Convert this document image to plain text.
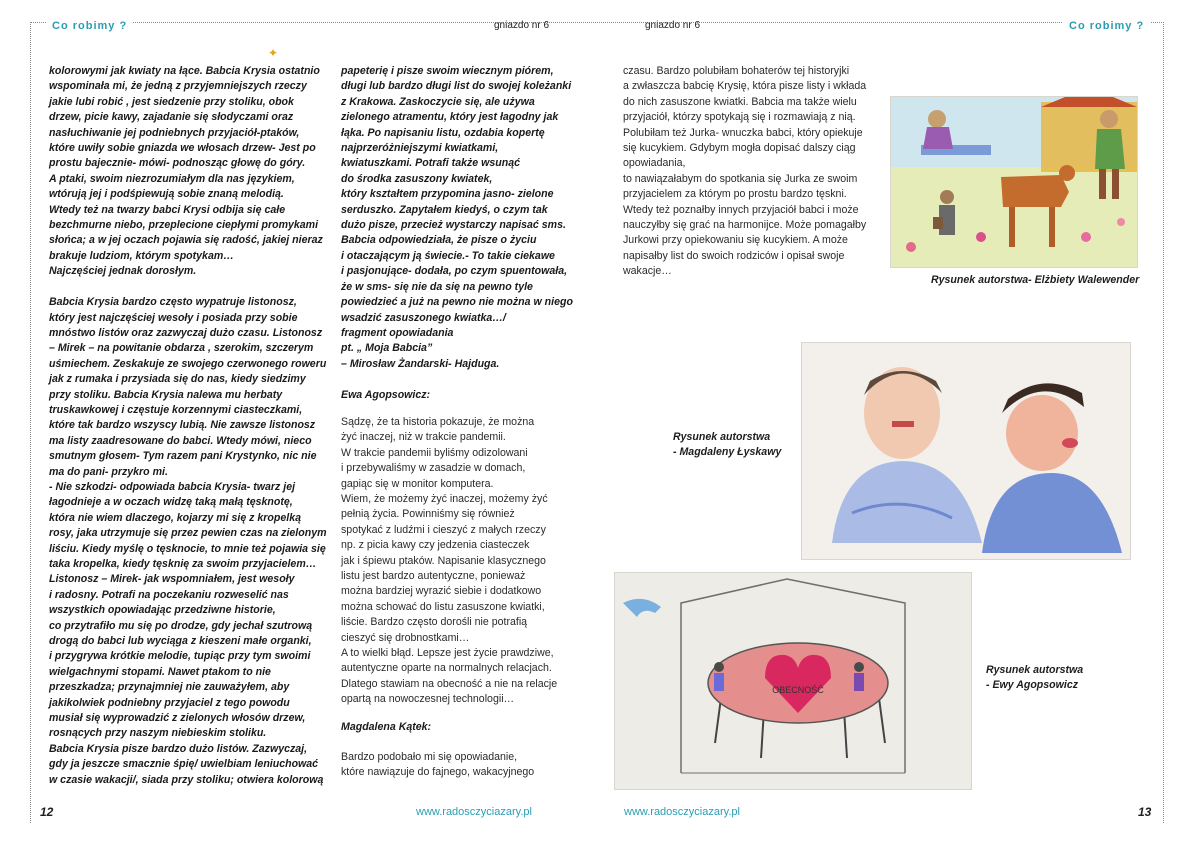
Co robimy ?	Co robimy ?
gniazdo nr 6	gniazdo nr 6
✦
kolorowymi jak kwiaty na łące. Babcia Krysia ostatnio
wspominała mi, że jedną z przyjemniejszych rzeczy
jakie lubi robić , jest siedzenie przy stoliku, obok
drzew, picie kawy, zajadanie się słodyczami oraz
nasłuchiwanie jej podniebnych przyjaciół-ptaków,
które uwiły sobie gniazda we włosach drzew- Jest po
prostu bajecznie- mówi- podnosząc głowę do góry.
A ptaki, swoim niezrozumiałym dla nas językiem,
wtórują jej i podśpiewują sobie znaną melodią.
Wtedy też na twarzy babci Krysi odbija się całe
bezchmurne niebo, przeplecione ciepłymi promykami
słońca; a w jej oczach pojawia się radość, jakiej nieraz
brakuje ludziom, którym spotykam…
Najczęściej jednak dorosłym.

Babcia Krysia bardzo często wypatruje listonosz,
który jest najczęściej wesoły i posiada przy sobie
mnóstwo listów oraz zazwyczaj dużo czasu. Listonosz
– Mirek – na powitanie obdarza , szerokim, szczerym
uśmiechem. Zeskakuje ze swojego czerwonego roweru
jak z rumaka i przysiada się do nas, kiedy siedzimy
przy stoliku. Babcia Krysia nalewa mu herbaty
truskawkowej i częstuje korzennymi ciasteczkami,
które tak bardzo wszyscy lubią. Nie zawsze listonosz
ma listy zaadresowane do babci. Wtedy mówi, nieco
smutnym głosem- Tym razem pani Krystynko, nic nie
ma do pani- przykro mi.
- Nie szkodzi- odpowiada babcia Krysia- twarz jej
łagodnieje a w oczach widzę taką małą tęsknotę,
która nie wiem dlaczego, kojarzy mi się z kropelką
rosy, jaka utrzymuje się przez pewien czas na zielonym
liściu. Kiedy myślę o tęsknocie, to mnie też pojawia się
taka kropelka, kiedy tęsknię za swoim przyjacielem…
Listonosz – Mirek- jak wspomniałem, jest wesoły
i radosny. Potrafi na poczekaniu rozweselić nas
wszystkich opowiadając przedziwne historie,
co przytrafiło mu się po drodze, gdy jechał szutrową
drogą do babci lub wyciąga z kieszeni małe organki,
i przygrywa krótkie melodie, tupiąc przy tym swoimi
wielgachnymi stopami. Nawet ptakom to nie
przeszkadza; przynajmniej nie zauważyłem, aby
jakikolwiek podniebny przyjaciel z tego powodu
musiał się wyprowadzić z zielonych włosów drzew,
rosnących przy naszym niebieskim stoliku.
Babcia Krysia pisze bardzo dużo listów. Zazwyczaj,
gdy ja jeszcze smacznie śpię/ uwielbiam leniuchować
w czasie wakacji/, siada przy stoliku; otwiera kolorową
papeterię i pisze swoim wiecznym piórem,
długi lub bardzo długi list do swojej koleżanki
z Krakowa. Zaskoczycie się, ale używa
zielonego atramentu, który jest łagodny jak
łąka. Po napisaniu listu, ozdabia kopertę
najprzeróżniejszymi kwiatkami,
kwiatuszkami. Potrafi także wsunąć
do środka zasuszony kwiatek,
który kształtem przypomina jasno- zielone
serduszko. Zapytałem kiedyś, o czym tak
dużo pisze, przecież wystarczy napisać sms.
Babcia odpowiedziała, że pisze o życiu
i otaczającym ją świecie.- To takie ciekawe
i pasjonujące- dodała, po czym spuentowała,
że w sms- się nie da się na pewno tyle
powiedzieć a już na pewno nie można w niego
wsadzić zasuszonego kwiatka…/
fragment opowiadania
pt. „ Moja Babcia”
– Mirosław Żandarski- Hajduga.

Ewa Agopsowicz:
Sądzę, że ta historia pokazuje, że można
żyć inaczej, niż w trakcie pandemii.
W trakcie pandemii byliśmy odizolowani
i przebywaliśmy w zasadzie w domach,
gapiąc się w monitor komputera.
Wiem, że możemy żyć inaczej, możemy żyć
pełnią życia. Powinniśmy się również
spotykać z ludźmi i cieszyć z małych rzeczy
np. z picia kawy czy jedzenia ciasteczek
jak i śpiewu ptaków. Napisanie klasycznego
listu jest bardzo autentyczne, ponieważ
można bardziej wyrazić siebie i dodatkowo
można schować do listu zasuszone kwiatki,
liście. Bardzo często dorośli nie potrafią
cieszyć się drobnostkami…
A to wielki błąd. Lepsze jest życie prawdziwe,
autentyczne oparte na normalnych relacjach.
Dlatego stawiam na obecność a nie na relacje
opartą na nowoczesnej technologii…
Magdalena Kątek:
Bardzo podobało mi się opowiadanie,
które nawiązuje do fajnego, wakacyjnego
czasu. Bardzo polubiłam bohaterów tej historyjki
a zwłaszcza babcię Krysię, która pisze listy i wkłada
do nich zasuszone kwiatki. Babcia ma także wielu
przyjaciół, którzy spotykają się i rozmawiają z nią.
Polubiłam też Jurka- wnuczka babci, który opiekuje
się kucykiem. Gdybym mogła dopisać dalszy ciąg
opowiadania,
to nawiązałabym do spotkania się Jurka ze swoim
przyjacielem za którym po prostu bardzo tęskni.
Wtedy też poznałby innych przyjaciół babci i może
nauczyłby się grać na harmonijce. Może pomagałby
Jurkowi przy opiekowaniu się kucykiem. A może
napisałby list do swoich rodziców i opisał swoje
wakacje…
Rysunek autorstwa- Elżbiety Walewender
Rysunek autorstwa
- Magdaleny Łyskawy
OBECNOŚĆ
Rysunek autorstwa
- Ewy Agopsowicz
12	www.radosczyciazary.pl	www.radosczyciazary.pl	13
